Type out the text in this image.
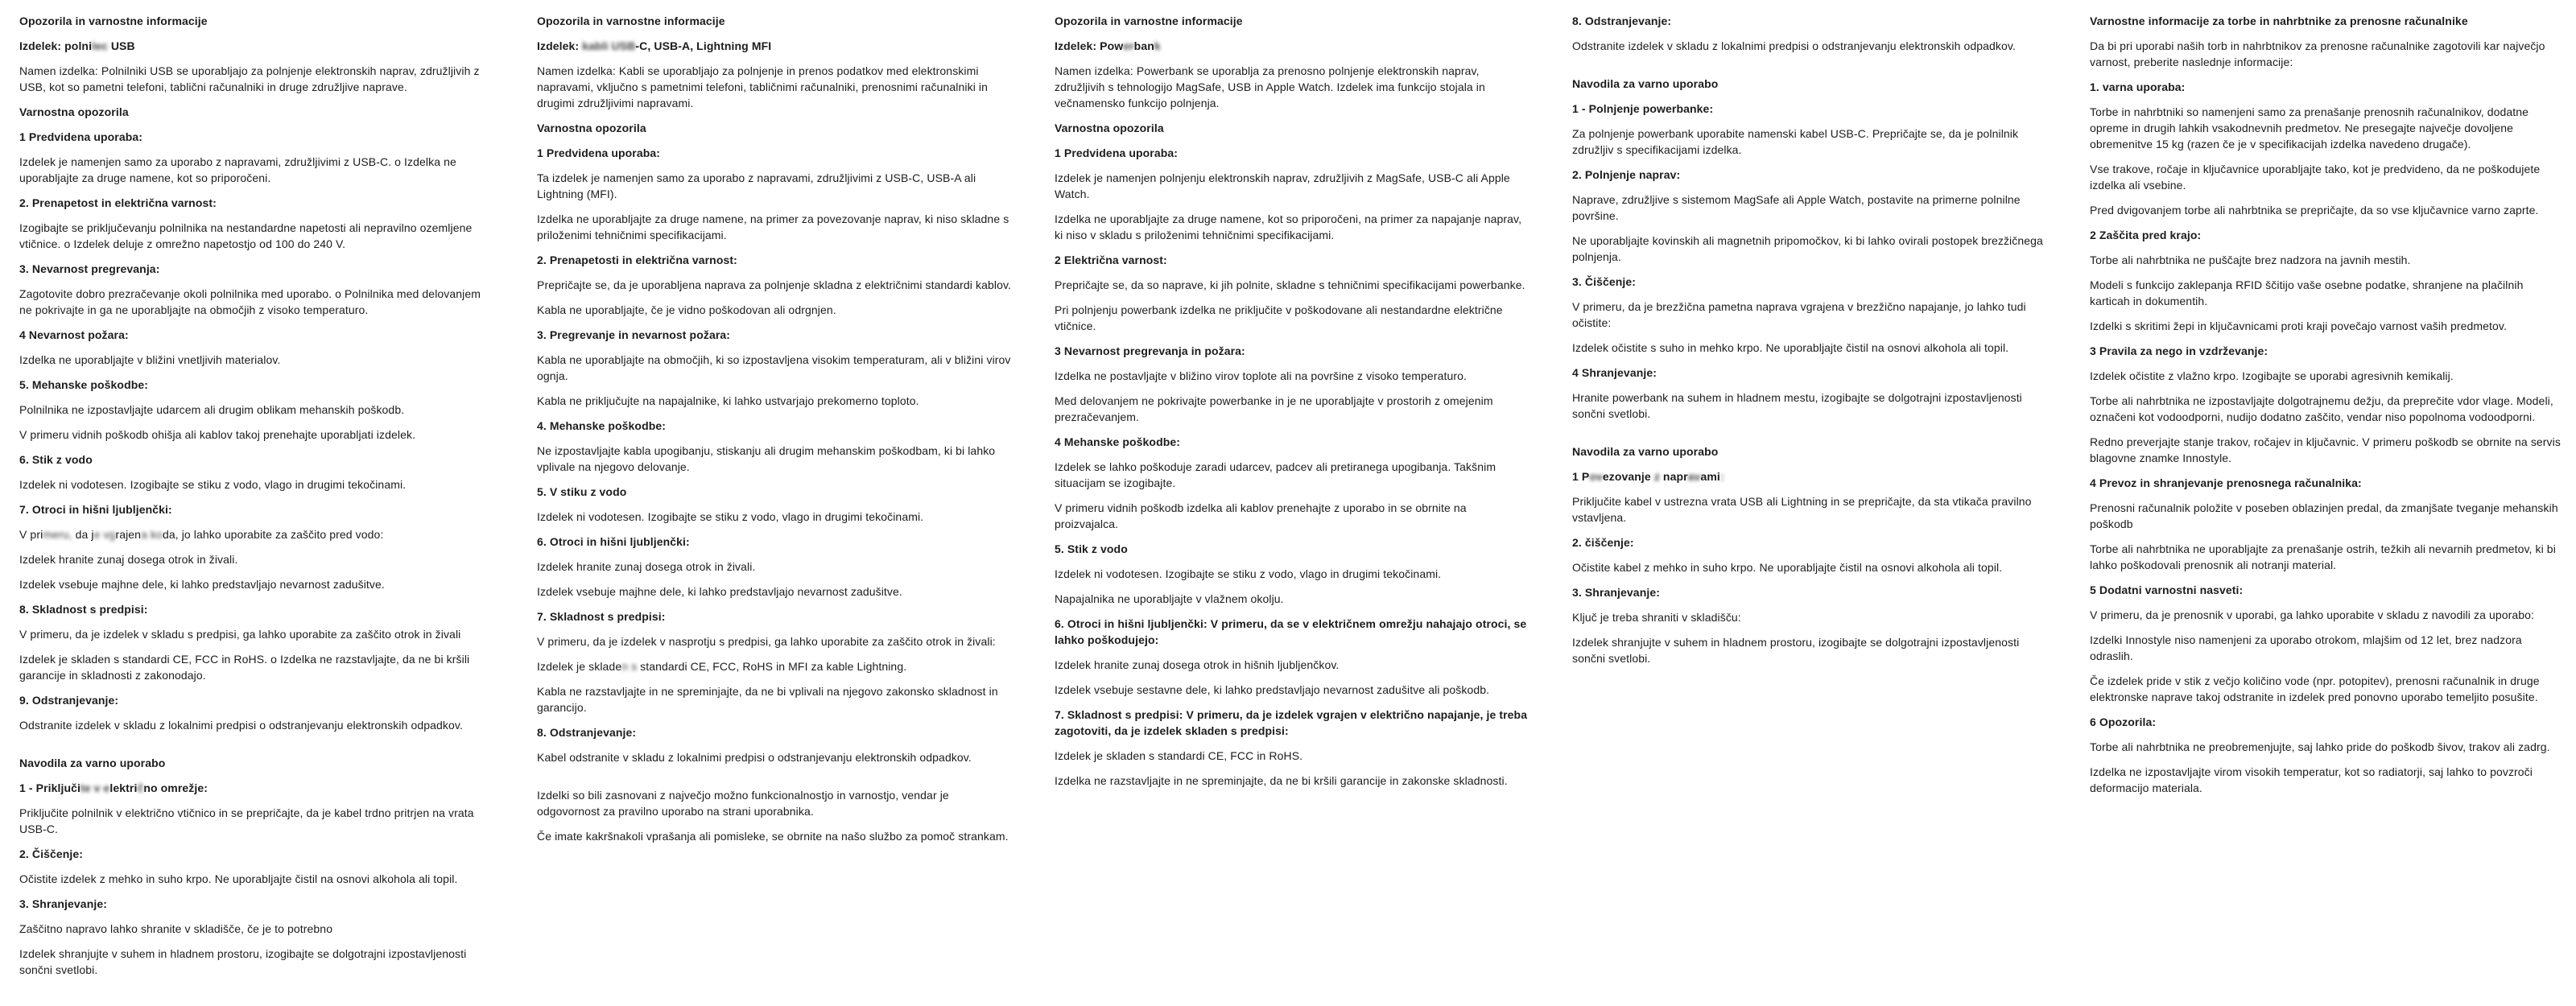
Opozorila in varnostne informacije

Izdelek: polnilec USB

Namen izdelka: Polnilniki USB se uporabljajo za polnjenje elektronskih naprav, združljivih z USB, kot so pametni telefoni, tablični računalniki in druge združljive naprave.

Varnostna opozorila

1 Predvidena uporaba:

Izdelek je namenjen samo za uporabo z napravami, združljivimi z USB-C. o Izdelka ne uporabljajte za druge namene, kot so priporočeni.

2. Prenapetost in električna varnost:

Izogibajte se priključevanju polnilnika na nestandardne napetosti ali nepravilno ozemljene vtičnice. o Izdelek deluje z omrežno napetostjo od 100 do 240 V.

3. Nevarnost pregrevanja:

Zagotovite dobro prezračevanje okoli polnilnika med uporabo. o Polnilnika med delovanjem ne pokrivajte in ga ne uporabljajte na območjih z visoko temperaturo.

4 Nevarnost požara:

Izdelka ne uporabljajte v bližini vnetljivih materialov.

5. Mehanske poškodbe:

Polnilnika ne izpostavljajte udarcem ali drugim oblikam mehanskih poškodb.

V primeru vidnih poškodb ohišja ali kablov takoj prenehajte uporabljati izdelek.

6. Stik z vodo

Izdelek ni vodotesen. Izogibajte se stiku z vodo, vlago in drugimi tekočinami.

7. Otroci in hišni ljubljenčki:

V primeru, da je vgrajena koda, jo lahko uporabite za zaščito pred vodo:

Izdelek hranite zunaj dosega otrok in živali.

Izdelek vsebuje majhne dele, ki lahko predstavljajo nevarnost zadušitve.

8. Skladnost s predpisi:

V primeru, da je izdelek v skladu s predpisi, ga lahko uporabite za zaščito otrok in živali

Izdelek je skladen s standardi CE, FCC in RoHS. o Izdelka ne razstavljajte, da ne bi kršili garancije in skladnosti z zakonodajo.

9. Odstranjevanje:

Odstranite izdelek v skladu z lokalnimi predpisi o odstranjevanju elektronskih odpadkov.

Navodila za varno uporabo

1 - Priključite v električno omrežje:

Priključite polnilnik v električno vtičnico in se prepričajte, da je kabel trdno pritrjen na vrata USB-C.

2. Čiščenje:

Očistite izdelek z mehko in suho krpo. Ne uporabljajte čistil na osnovi alkohola ali topil.

3. Shranjevanje:

Zaščitno napravo lahko shranite v skladišče, če je to potrebno

Izdelek shranjujte v suhem in hladnem prostoru, izogibajte se dolgotrajni izpostavljenosti sončni svetlobi.

Opozorila in varnostne informacije

Izdelek: kabli USB-C, USB-A, Lightning MFI

Namen izdelka: Kabli se uporabljajo za polnjenje in prenos podatkov med elektronskimi napravami, vključno s pametnimi telefoni, tabličnimi računalniki, prenosnimi računalniki in drugimi združljivimi napravami.

Varnostna opozorila

1 Predvidena uporaba:

Ta izdelek je namenjen samo za uporabo z napravami, združljivimi z USB-C, USB-A ali Lightning (MFI).

Izdelka ne uporabljajte za druge namene, na primer za povezovanje naprav, ki niso skladne s priloženimi tehničnimi specifikacijami.

2. Prenapetosti in električna varnost:

Prepričajte se, da je uporabljena naprava za polnjenje skladna z električnimi standardi kablov.

Kabla ne uporabljajte, če je vidno poškodovan ali odrgnjen.

3. Pregrevanje in nevarnost požara:

Kabla ne uporabljajte na območjih, ki so izpostavljena visokim temperaturam, ali v bližini virov ognja.

Kabla ne priključujte na napajalnike, ki lahko ustvarjajo prekomerno toploto.

4. Mehanske poškodbe:

Ne izpostavljajte kabla upogibanju, stiskanju ali drugim mehanskim poškodbam, ki bi lahko vplivale na njegovo delovanje.

5. V stiku z vodo

Izdelek ni vodotesen. Izogibajte se stiku z vodo, vlago in drugimi tekočinami.

6. Otroci in hišni ljubljenčki:

Izdelek hranite zunaj dosega otrok in živali.

Izdelek vsebuje majhne dele, ki lahko predstavljajo nevarnost zadušitve.

7. Skladnost s predpisi:

V primeru, da je izdelek v nasprotju s predpisi, ga lahko uporabite za zaščito otrok in živali:

Izdelek je skladen s standardi CE, FCC, RoHS in MFI za kable Lightning.

Kabla ne razstavljajte in ne spreminjajte, da ne bi vplivali na njegovo zakonsko skladnost in garancijo.

8. Odstranjevanje:

Kabel odstranite v skladu z lokalnimi predpisi o odstranjevanju elektronskih odpadkov.

Izdelki so bili zasnovani z največjo možno funkcionalnostjo in varnostjo, vendar je odgovornost za pravilno uporabo na strani uporabnika.

Če imate kakršnakoli vprašanja ali pomisleke, se obrnite na našo službo za pomoč strankam.

Opozorila in varnostne informacije

Izdelek: Powerbank

Namen izdelka: Powerbank se uporablja za prenosno polnjenje elektronskih naprav, združljivih s tehnologijo MagSafe, USB in Apple Watch. Izdelek ima funkcijo stojala in večnamensko funkcijo polnjenja.

Varnostna opozorila

1 Predvidena uporaba:

Izdelek je namenjen polnjenju elektronskih naprav, združljivih z MagSafe, USB-C ali Apple Watch.

Izdelka ne uporabljajte za druge namene, kot so priporočeni, na primer za napajanje naprav, ki niso v skladu s priloženimi tehničnimi specifikacijami.

2 Električna varnost:

Prepričajte se, da so naprave, ki jih polnite, skladne s tehničnimi specifikacijami powerbanke.

Pri polnjenju powerbank izdelka ne priključite v poškodovane ali nestandardne električne vtičnice.

3 Nevarnost pregrevanja in požara:

Izdelka ne postavljajte v bližino virov toplote ali na površine z visoko temperaturo.

Med delovanjem ne pokrivajte powerbanke in je ne uporabljajte v prostorih z omejenim prezračevanjem.

4 Mehanske poškodbe:

Izdelek se lahko poškoduje zaradi udarcev, padcev ali pretiranega upogibanja. Takšnim situacijam se izogibajte.

V primeru vidnih poškodb izdelka ali kablov prenehajte z uporabo in se obrnite na proizvajalca.

5. Stik z vodo

Izdelek ni vodotesen. Izogibajte se stiku z vodo, vlago in drugimi tekočinami.

Napajalnika ne uporabljajte v vlažnem okolju.

6. Otroci in hišni ljubljenčki: V primeru, da se v električnem omrežju nahajajo otroci, se lahko poškodujejo:

Izdelek hranite zunaj dosega otrok in hišnih ljubljenčkov.

Izdelek vsebuje sestavne dele, ki lahko predstavljajo nevarnost zadušitve ali poškodb.

7. Skladnost s predpisi: V primeru, da je izdelek vgrajen v električno napajanje, je treba zagotoviti, da je izdelek skladen s predpisi:

Izdelek je skladen s standardi CE, FCC in RoHS.

Izdelka ne razstavljajte in ne spreminjajte, da ne bi kršili garancije in zakonske skladnosti.

8. Odstranjevanje:

Odstranite izdelek v skladu z lokalnimi predpisi o odstranjevanju elektronskih odpadkov.

Navodila za varno uporabo

1 - Polnjenje powerbanke:

Za polnjenje powerbank uporabite namenski kabel USB-C. Prepričajte se, da je polnilnik združljiv s specifikacijami izdelka.

2. Polnjenje naprav:

Naprave, združljive s sistemom MagSafe ali Apple Watch, postavite na primerne polnilne površine.

Ne uporabljajte kovinskih ali magnetnih pripomočkov, ki bi lahko ovirali postopek brezžičnega polnjenja.

3. Čiščenje:

V primeru, da je brezžična pametna naprava vgrajena v brezžično napajanje, jo lahko tudi očistite:

Izdelek očistite s suho in mehko krpo. Ne uporabljajte čistil na osnovi alkohola ali topil.

4 Shranjevanje:

Hranite powerbank na suhem in hladnem mestu, izogibajte se dolgotrajni izpostavljenosti sončni svetlobi.

Navodila za varno uporabo

1 Povezovanje z napravami:

Priključite kabel v ustrezna vrata USB ali Lightning in se prepričajte, da sta vtikača pravilno vstavljena.

2. čiščenje:

Očistite kabel z mehko in suho krpo. Ne uporabljajte čistil na osnovi alkohola ali topil.

3. Shranjevanje:

Ključ je treba shraniti v skladišču:

Izdelek shranjujte v suhem in hladnem prostoru, izogibajte se dolgotrajni izpostavljenosti sončni svetlobi.

Varnostne informacije za torbe in nahrbtnike za prenosne računalnike

Da bi pri uporabi naših torb in nahrbtnikov za prenosne računalnike zagotovili kar največjo varnost, preberite naslednje informacije:

1. varna uporaba:

Torbe in nahrbtniki so namenjeni samo za prenašanje prenosnih računalnikov, dodatne opreme in drugih lahkih vsakodnevnih predmetov. Ne presegajte največje dovoljene obremenitve 15 kg (razen če je v specifikacijah izdelka navedeno drugače).

Vse trakove, ročaje in ključavnice uporabljajte tako, kot je predvideno, da ne poškodujete izdelka ali vsebine.

Pred dvigovanjem torbe ali nahrbtnika se prepričajte, da so vse ključavnice varno zaprte.

2 Zaščita pred krajo:

Torbe ali nahrbtnika ne puščajte brez nadzora na javnih mestih.

Modeli s funkcijo zaklepanja RFID ščitijo vaše osebne podatke, shranjene na plačilnih karticah in dokumentih.

Izdelki s skritimi žepi in ključavnicami proti kraji povečajo varnost vaših predmetov.

3 Pravila za nego in vzdrževanje:

Izdelek očistite z vlažno krpo. Izogibajte se uporabi agresivnih kemikalij.

Torbe ali nahrbtnika ne izpostavljajte dolgotrajnemu dežju, da preprečite vdor vlage. Modeli, označeni kot vodoodporni, nudijo dodatno zaščito, vendar niso popolnoma vodoodporni.

Redno preverjajte stanje trakov, ročajev in ključavnic. V primeru poškodb se obrnite na servis blagovne znamke Innostyle.

4 Prevoz in shranjevanje prenosnega računalnika:

Prenosni računalnik položite v poseben oblazinjen predal, da zmanjšate tveganje mehanskih poškodb

Torbe ali nahrbtnika ne uporabljajte za prenašanje ostrih, težkih ali nevarnih predmetov, ki bi lahko poškodovali prenosnik ali notranji material.

5 Dodatni varnostni nasveti:

V primeru, da je prenosnik v uporabi, ga lahko uporabite v skladu z navodili za uporabo:

Izdelki Innostyle niso namenjeni za uporabo otrokom, mlajšim od 12 let, brez nadzora odraslih.

Če izdelek pride v stik z večjo količino vode (npr. potopitev), prenosni računalnik in druge elektronske naprave takoj odstranite in izdelek pred ponovno uporabo temeljito posušite.

6 Opozorila:

Torbe ali nahrbtnika ne preobremenjujte, saj lahko pride do poškodb šivov, trakov ali zadrg.

Izdelka ne izpostavljajte virom visokih temperatur, kot so radiatorji, saj lahko to povzroči deformacijo materiala.
